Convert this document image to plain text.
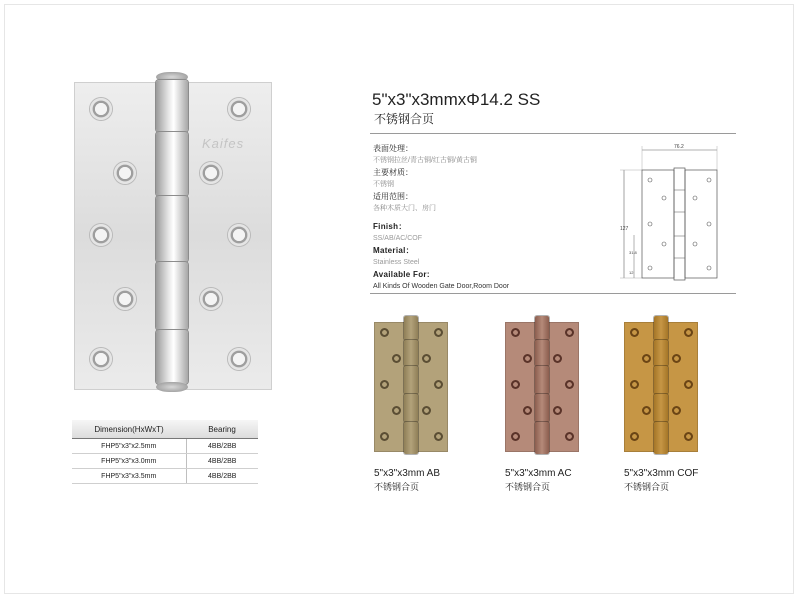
Kaifes
Dimension(HxWxT)	Bearing
FHP5"x3"x2.5mm	4BB/2BB
FHP5"x3"x3.0mm	4BB/2BB
FHP5"x3"x3.5mm	4BB/2BB
5"x3"x3mmxΦ14.2 SS
不锈钢合页
表面处理：
不锈钢拉丝/青古铜/红古铜/黄古铜
主要材质：
不锈钢
适用范围：
各种木质大门、房门
Finish：
SS/AB/AC/COF
Material：
Stainless Steel
Available For:
All Kinds Of Wooden Gate Door,Room Door
76.2
127
31.8
12
5"x3"x3mm AB
不锈钢合页
5"x3"x3mm AC
不锈钢合页
5"x3"x3mm COF
不锈钢合页
